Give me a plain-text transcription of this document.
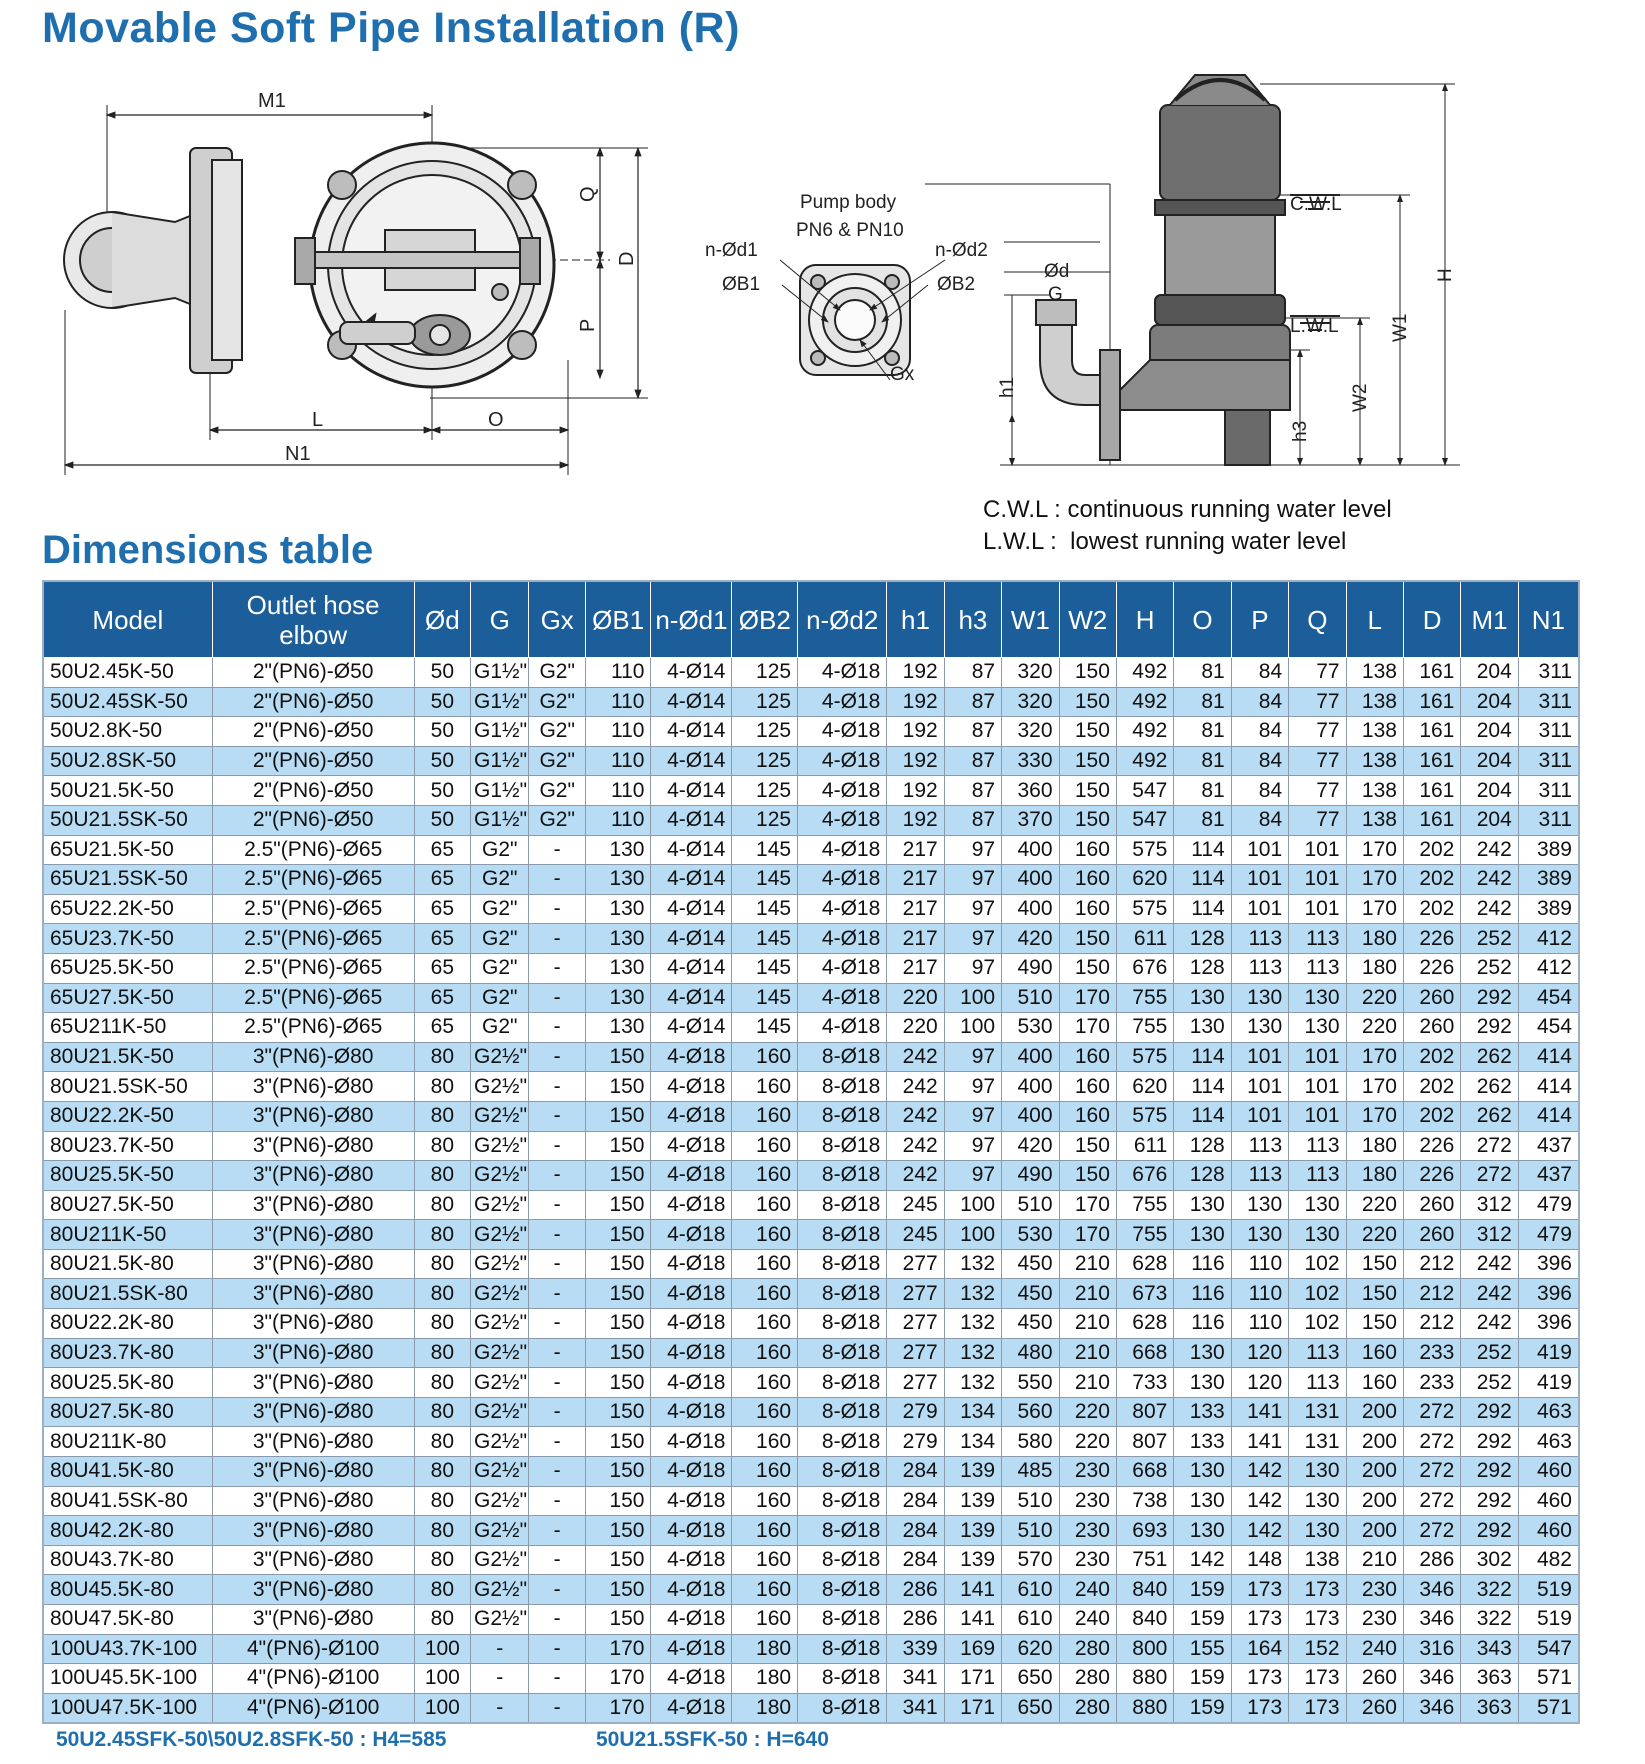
Movable Soft Pipe Installation (R)
M1
L	O
N1
Q
D
P
Pump body
PN6 & PN10
n-Ød1	n-Ød2
ØB1	ØB2
Gx
Ød
G
h1
h3
W2
W1
H
C.W.L
L.W.L
C.W.L : continuous running water level
L.W.L :  lowest running water level
Dimensions table
Model	Outlet hose elbow	Ød	G	Gx	ØB1	n-Ød1	ØB2	n-Ød2	h1	h3	W1	W2	H	O	P	Q	L	D	M1	N1
50U2.45K-50	2"(PN6)-Ø50	50	G1½"	G2"	110	4-Ø14	125	4-Ø18	192	87	320	150	492	81	84	77	138	161	204	311
50U2.45SK-50	2"(PN6)-Ø50	50	G1½"	G2"	110	4-Ø14	125	4-Ø18	192	87	320	150	492	81	84	77	138	161	204	311
50U2.8K-50	2"(PN6)-Ø50	50	G1½"	G2"	110	4-Ø14	125	4-Ø18	192	87	320	150	492	81	84	77	138	161	204	311
50U2.8SK-50	2"(PN6)-Ø50	50	G1½"	G2"	110	4-Ø14	125	4-Ø18	192	87	330	150	492	81	84	77	138	161	204	311
50U21.5K-50	2"(PN6)-Ø50	50	G1½"	G2"	110	4-Ø14	125	4-Ø18	192	87	360	150	547	81	84	77	138	161	204	311
50U21.5SK-50	2"(PN6)-Ø50	50	G1½"	G2"	110	4-Ø14	125	4-Ø18	192	87	370	150	547	81	84	77	138	161	204	311
65U21.5K-50	2.5"(PN6)-Ø65	65	G2"	-	130	4-Ø14	145	4-Ø18	217	97	400	160	575	114	101	101	170	202	242	389
65U21.5SK-50	2.5"(PN6)-Ø65	65	G2"	-	130	4-Ø14	145	4-Ø18	217	97	400	160	620	114	101	101	170	202	242	389
65U22.2K-50	2.5"(PN6)-Ø65	65	G2"	-	130	4-Ø14	145	4-Ø18	217	97	400	160	575	114	101	101	170	202	242	389
65U23.7K-50	2.5"(PN6)-Ø65	65	G2"	-	130	4-Ø14	145	4-Ø18	217	97	420	150	611	128	113	113	180	226	252	412
65U25.5K-50	2.5"(PN6)-Ø65	65	G2"	-	130	4-Ø14	145	4-Ø18	217	97	490	150	676	128	113	113	180	226	252	412
65U27.5K-50	2.5"(PN6)-Ø65	65	G2"	-	130	4-Ø14	145	4-Ø18	220	100	510	170	755	130	130	130	220	260	292	454
65U211K-50	2.5"(PN6)-Ø65	65	G2"	-	130	4-Ø14	145	4-Ø18	220	100	530	170	755	130	130	130	220	260	292	454
80U21.5K-50	3"(PN6)-Ø80	80	G2½"	-	150	4-Ø18	160	8-Ø18	242	97	400	160	575	114	101	101	170	202	262	414
80U21.5SK-50	3"(PN6)-Ø80	80	G2½"	-	150	4-Ø18	160	8-Ø18	242	97	400	160	620	114	101	101	170	202	262	414
80U22.2K-50	3"(PN6)-Ø80	80	G2½"	-	150	4-Ø18	160	8-Ø18	242	97	400	160	575	114	101	101	170	202	262	414
80U23.7K-50	3"(PN6)-Ø80	80	G2½"	-	150	4-Ø18	160	8-Ø18	242	97	420	150	611	128	113	113	180	226	272	437
80U25.5K-50	3"(PN6)-Ø80	80	G2½"	-	150	4-Ø18	160	8-Ø18	242	97	490	150	676	128	113	113	180	226	272	437
80U27.5K-50	3"(PN6)-Ø80	80	G2½"	-	150	4-Ø18	160	8-Ø18	245	100	510	170	755	130	130	130	220	260	312	479
80U211K-50	3"(PN6)-Ø80	80	G2½"	-	150	4-Ø18	160	8-Ø18	245	100	530	170	755	130	130	130	220	260	312	479
80U21.5K-80	3"(PN6)-Ø80	80	G2½"	-	150	4-Ø18	160	8-Ø18	277	132	450	210	628	116	110	102	150	212	242	396
80U21.5SK-80	3"(PN6)-Ø80	80	G2½"	-	150	4-Ø18	160	8-Ø18	277	132	450	210	673	116	110	102	150	212	242	396
80U22.2K-80	3"(PN6)-Ø80	80	G2½"	-	150	4-Ø18	160	8-Ø18	277	132	450	210	628	116	110	102	150	212	242	396
80U23.7K-80	3"(PN6)-Ø80	80	G2½"	-	150	4-Ø18	160	8-Ø18	277	132	480	210	668	130	120	113	160	233	252	419
80U25.5K-80	3"(PN6)-Ø80	80	G2½"	-	150	4-Ø18	160	8-Ø18	277	132	550	210	733	130	120	113	160	233	252	419
80U27.5K-80	3"(PN6)-Ø80	80	G2½"	-	150	4-Ø18	160	8-Ø18	279	134	560	220	807	133	141	131	200	272	292	463
80U211K-80	3"(PN6)-Ø80	80	G2½"	-	150	4-Ø18	160	8-Ø18	279	134	580	220	807	133	141	131	200	272	292	463
80U41.5K-80	3"(PN6)-Ø80	80	G2½"	-	150	4-Ø18	160	8-Ø18	284	139	485	230	668	130	142	130	200	272	292	460
80U41.5SK-80	3"(PN6)-Ø80	80	G2½"	-	150	4-Ø18	160	8-Ø18	284	139	510	230	738	130	142	130	200	272	292	460
80U42.2K-80	3"(PN6)-Ø80	80	G2½"	-	150	4-Ø18	160	8-Ø18	284	139	510	230	693	130	142	130	200	272	292	460
80U43.7K-80	3"(PN6)-Ø80	80	G2½"	-	150	4-Ø18	160	8-Ø18	284	139	570	230	751	142	148	138	210	286	302	482
80U45.5K-80	3"(PN6)-Ø80	80	G2½"	-	150	4-Ø18	160	8-Ø18	286	141	610	240	840	159	173	173	230	346	322	519
80U47.5K-80	3"(PN6)-Ø80	80	G2½"	-	150	4-Ø18	160	8-Ø18	286	141	610	240	840	159	173	173	230	346	322	519
100U43.7K-100	4"(PN6)-Ø100	100	-	-	170	4-Ø18	180	8-Ø18	339	169	620	280	800	155	164	152	240	316	343	547
100U45.5K-100	4"(PN6)-Ø100	100	-	-	170	4-Ø18	180	8-Ø18	341	171	650	280	880	159	173	173	260	346	363	571
100U47.5K-100	4"(PN6)-Ø100	100	-	-	170	4-Ø18	180	8-Ø18	341	171	650	280	880	159	173	173	260	346	363	571
50U2.45SFK-50\50U2.8SFK-50 : H4=585	50U21.5SFK-50 : H=640
